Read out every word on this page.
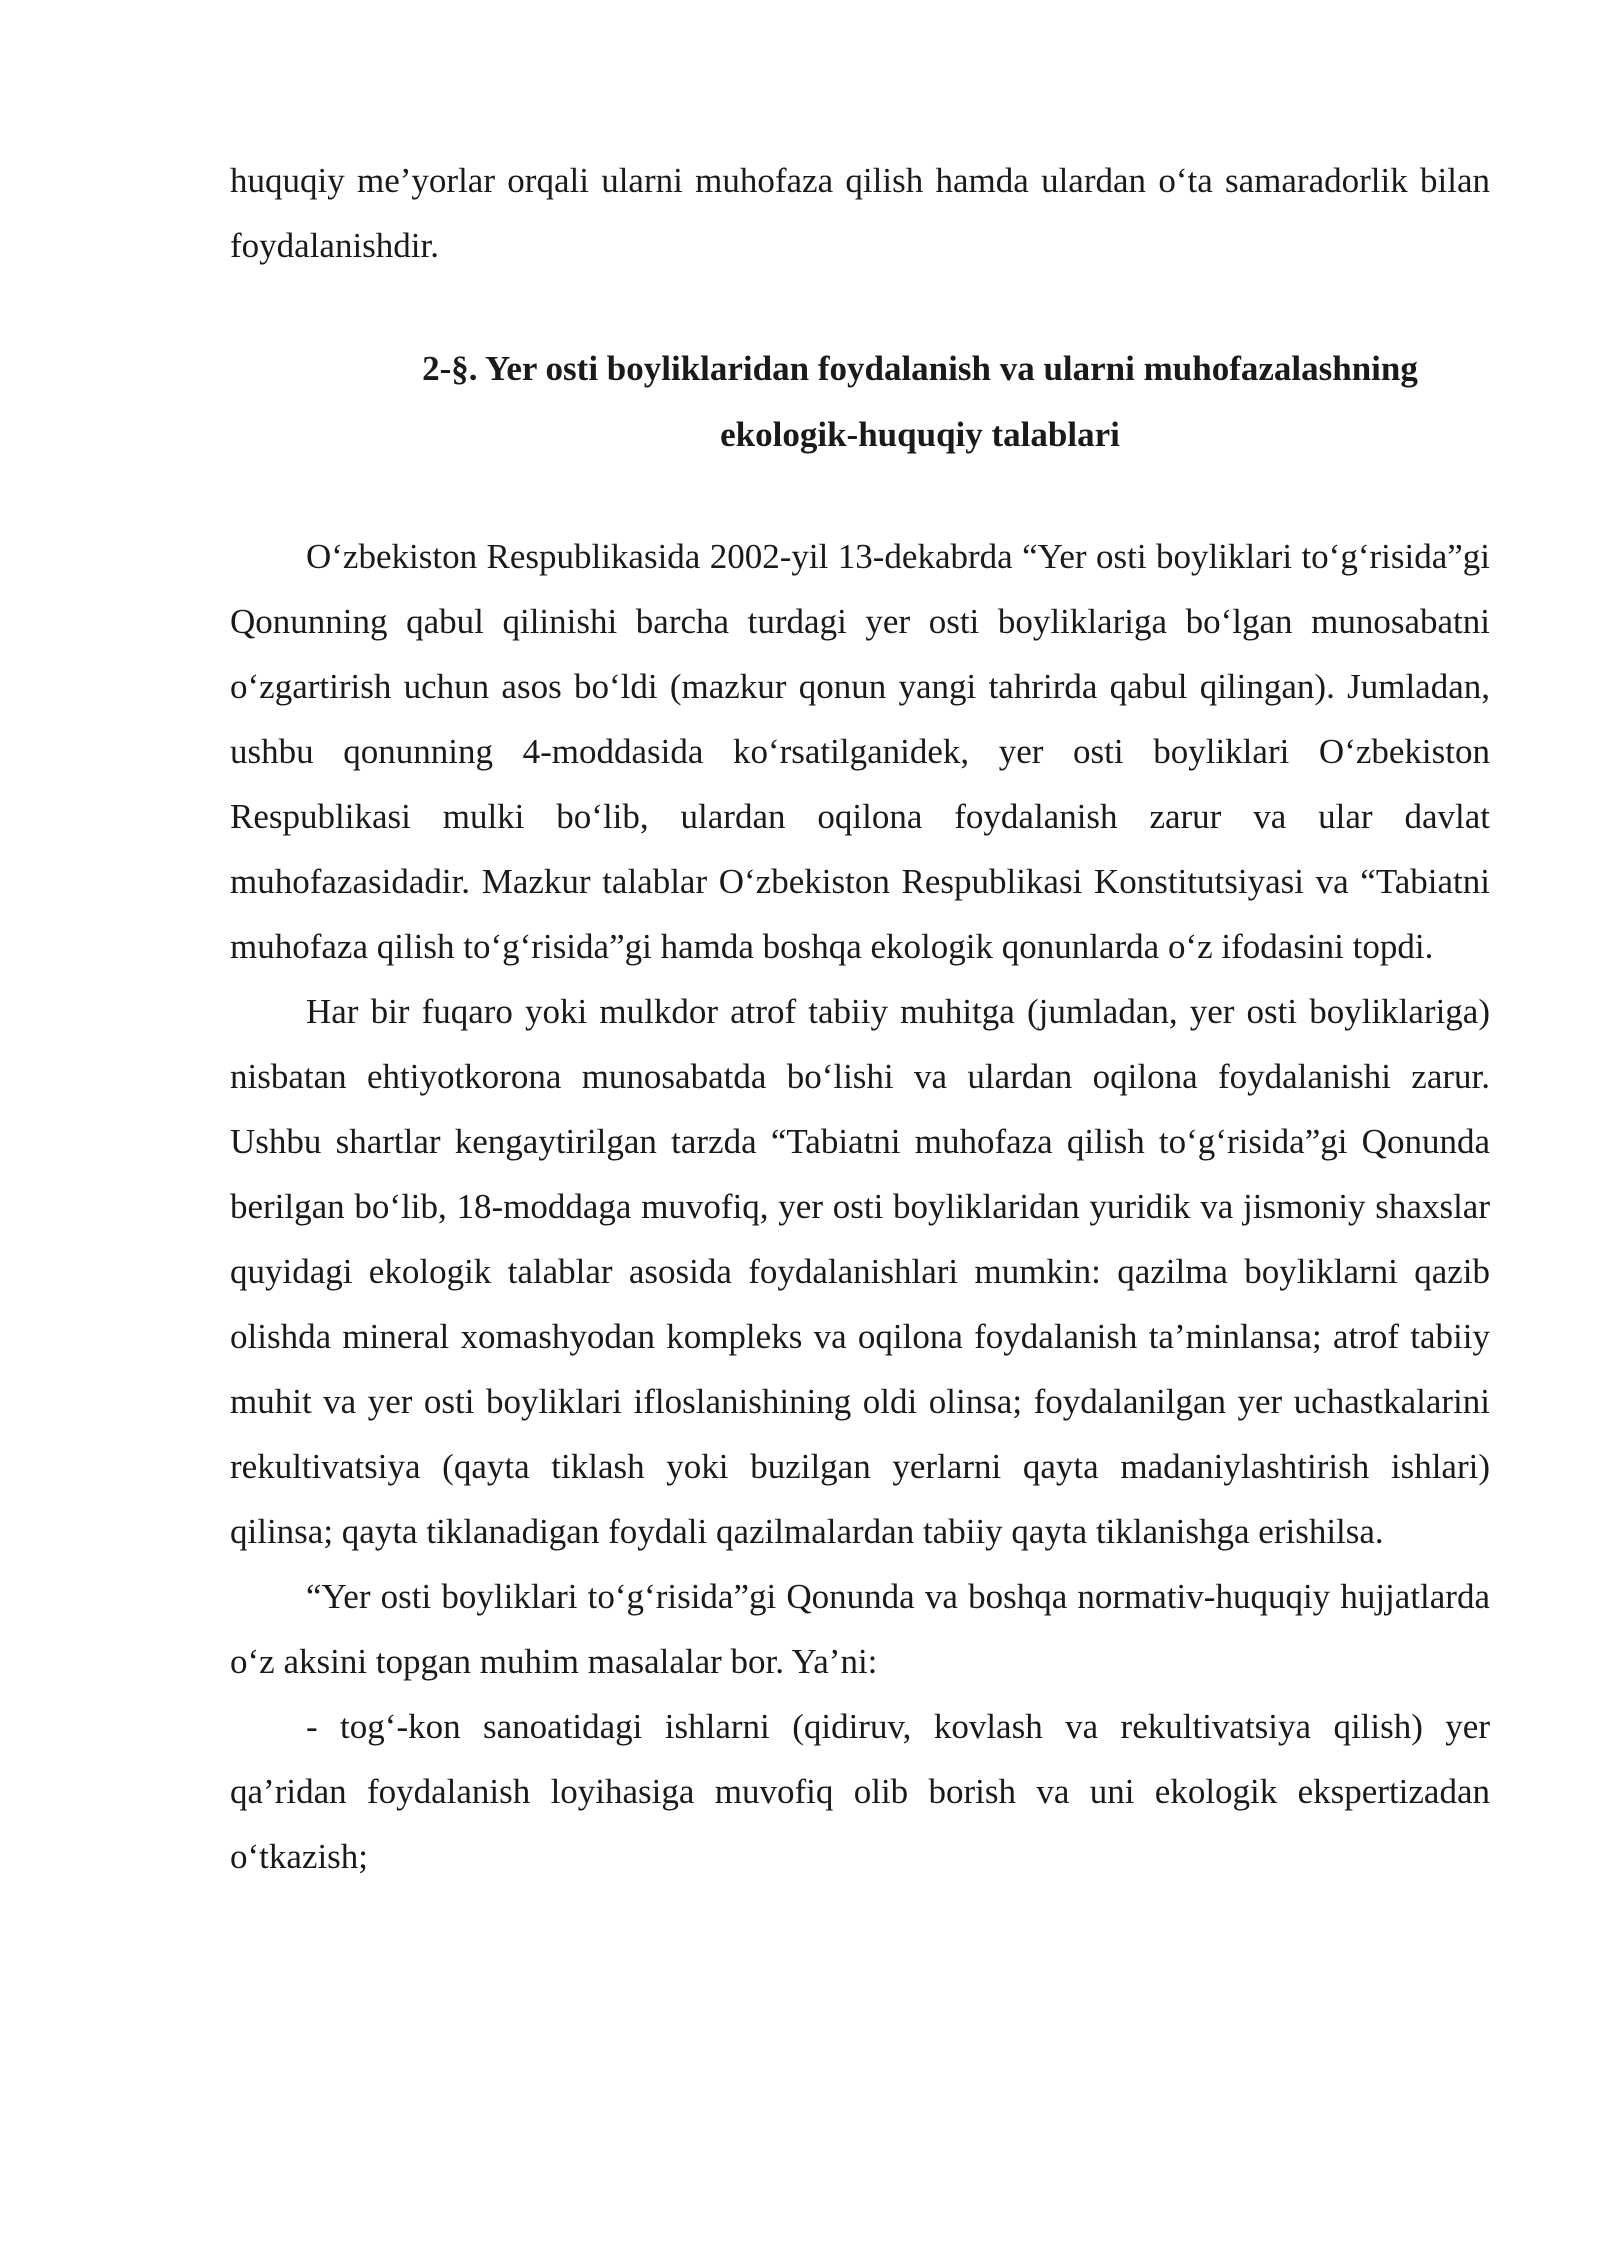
huquqiy me’yorlar orqali ularni muhofaza qilish hamda ulardan o‘ta samaradorlik bilan foydalanishdir.

2-§. Yer osti boyliklaridan foydalanish va ularni muhofazalashning

ekologik-huquqiy talablari

O‘zbekiston Respublikasida 2002-yil 13-dekabrda “Yer osti boyliklari to‘g‘risida”gi Qonunning qabul qilinishi barcha turdagi yer osti boyliklariga bo‘lgan munosabatni o‘zgartirish uchun asos bo‘ldi (mazkur qonun yangi tahrirda qabul qilingan). Jumladan, ushbu qonunning 4-moddasida ko‘rsatilganidek, yer osti boyliklari O‘zbekiston Respublikasi mulki bo‘lib, ulardan oqilona foydalanish zarur va ular davlat muhofazasidadir. Mazkur talablar O‘zbekiston Respublikasi Konstitutsiyasi va “Tabiatni muhofaza qilish to‘g‘risida”gi hamda boshqa ekologik qonunlarda o‘z ifodasini topdi.

Har bir fuqaro yoki mulkdor atrof tabiiy muhitga (jumladan, yer osti boyliklariga) nisbatan ehtiyotkorona munosabatda bo‘lishi va ulardan oqilona foydalanishi zarur. Ushbu shartlar kengaytirilgan tarzda “Tabiatni muhofaza qilish to‘g‘risida”gi Qonunda berilgan bo‘lib, 18-moddaga muvofiq, yer osti boyliklaridan yuridik va jismoniy shaxslar quyidagi ekologik talablar asosida foydalanishlari mumkin: qazilma boyliklarni qazib olishda mineral xomashyodan kompleks va oqilona foydalanish ta’minlansa; atrof tabiiy muhit va yer osti boyliklari ifloslanishining oldi olinsa; foydalanilgan yer uchastkalarini rekultivatsiya (qayta tiklash yoki buzilgan yerlarni qayta madaniylashtirish ishlari) qilinsa; qayta tiklanadigan foydali qazilmalardan tabiiy qayta tiklanishga erishilsa.

“Yer osti boyliklari to‘g‘risida”gi Qonunda va boshqa normativ-huquqiy hujjatlarda o‘z aksini topgan muhim masalalar bor. Ya’ni:

- tog‘-kon sanoatidagi ishlarni (qidiruv, kovlash va rekultivatsiya qilish) yer qa’ridan foydalanish loyihasiga muvofiq olib borish va uni ekologik ekspertizadan o‘tkazish;
